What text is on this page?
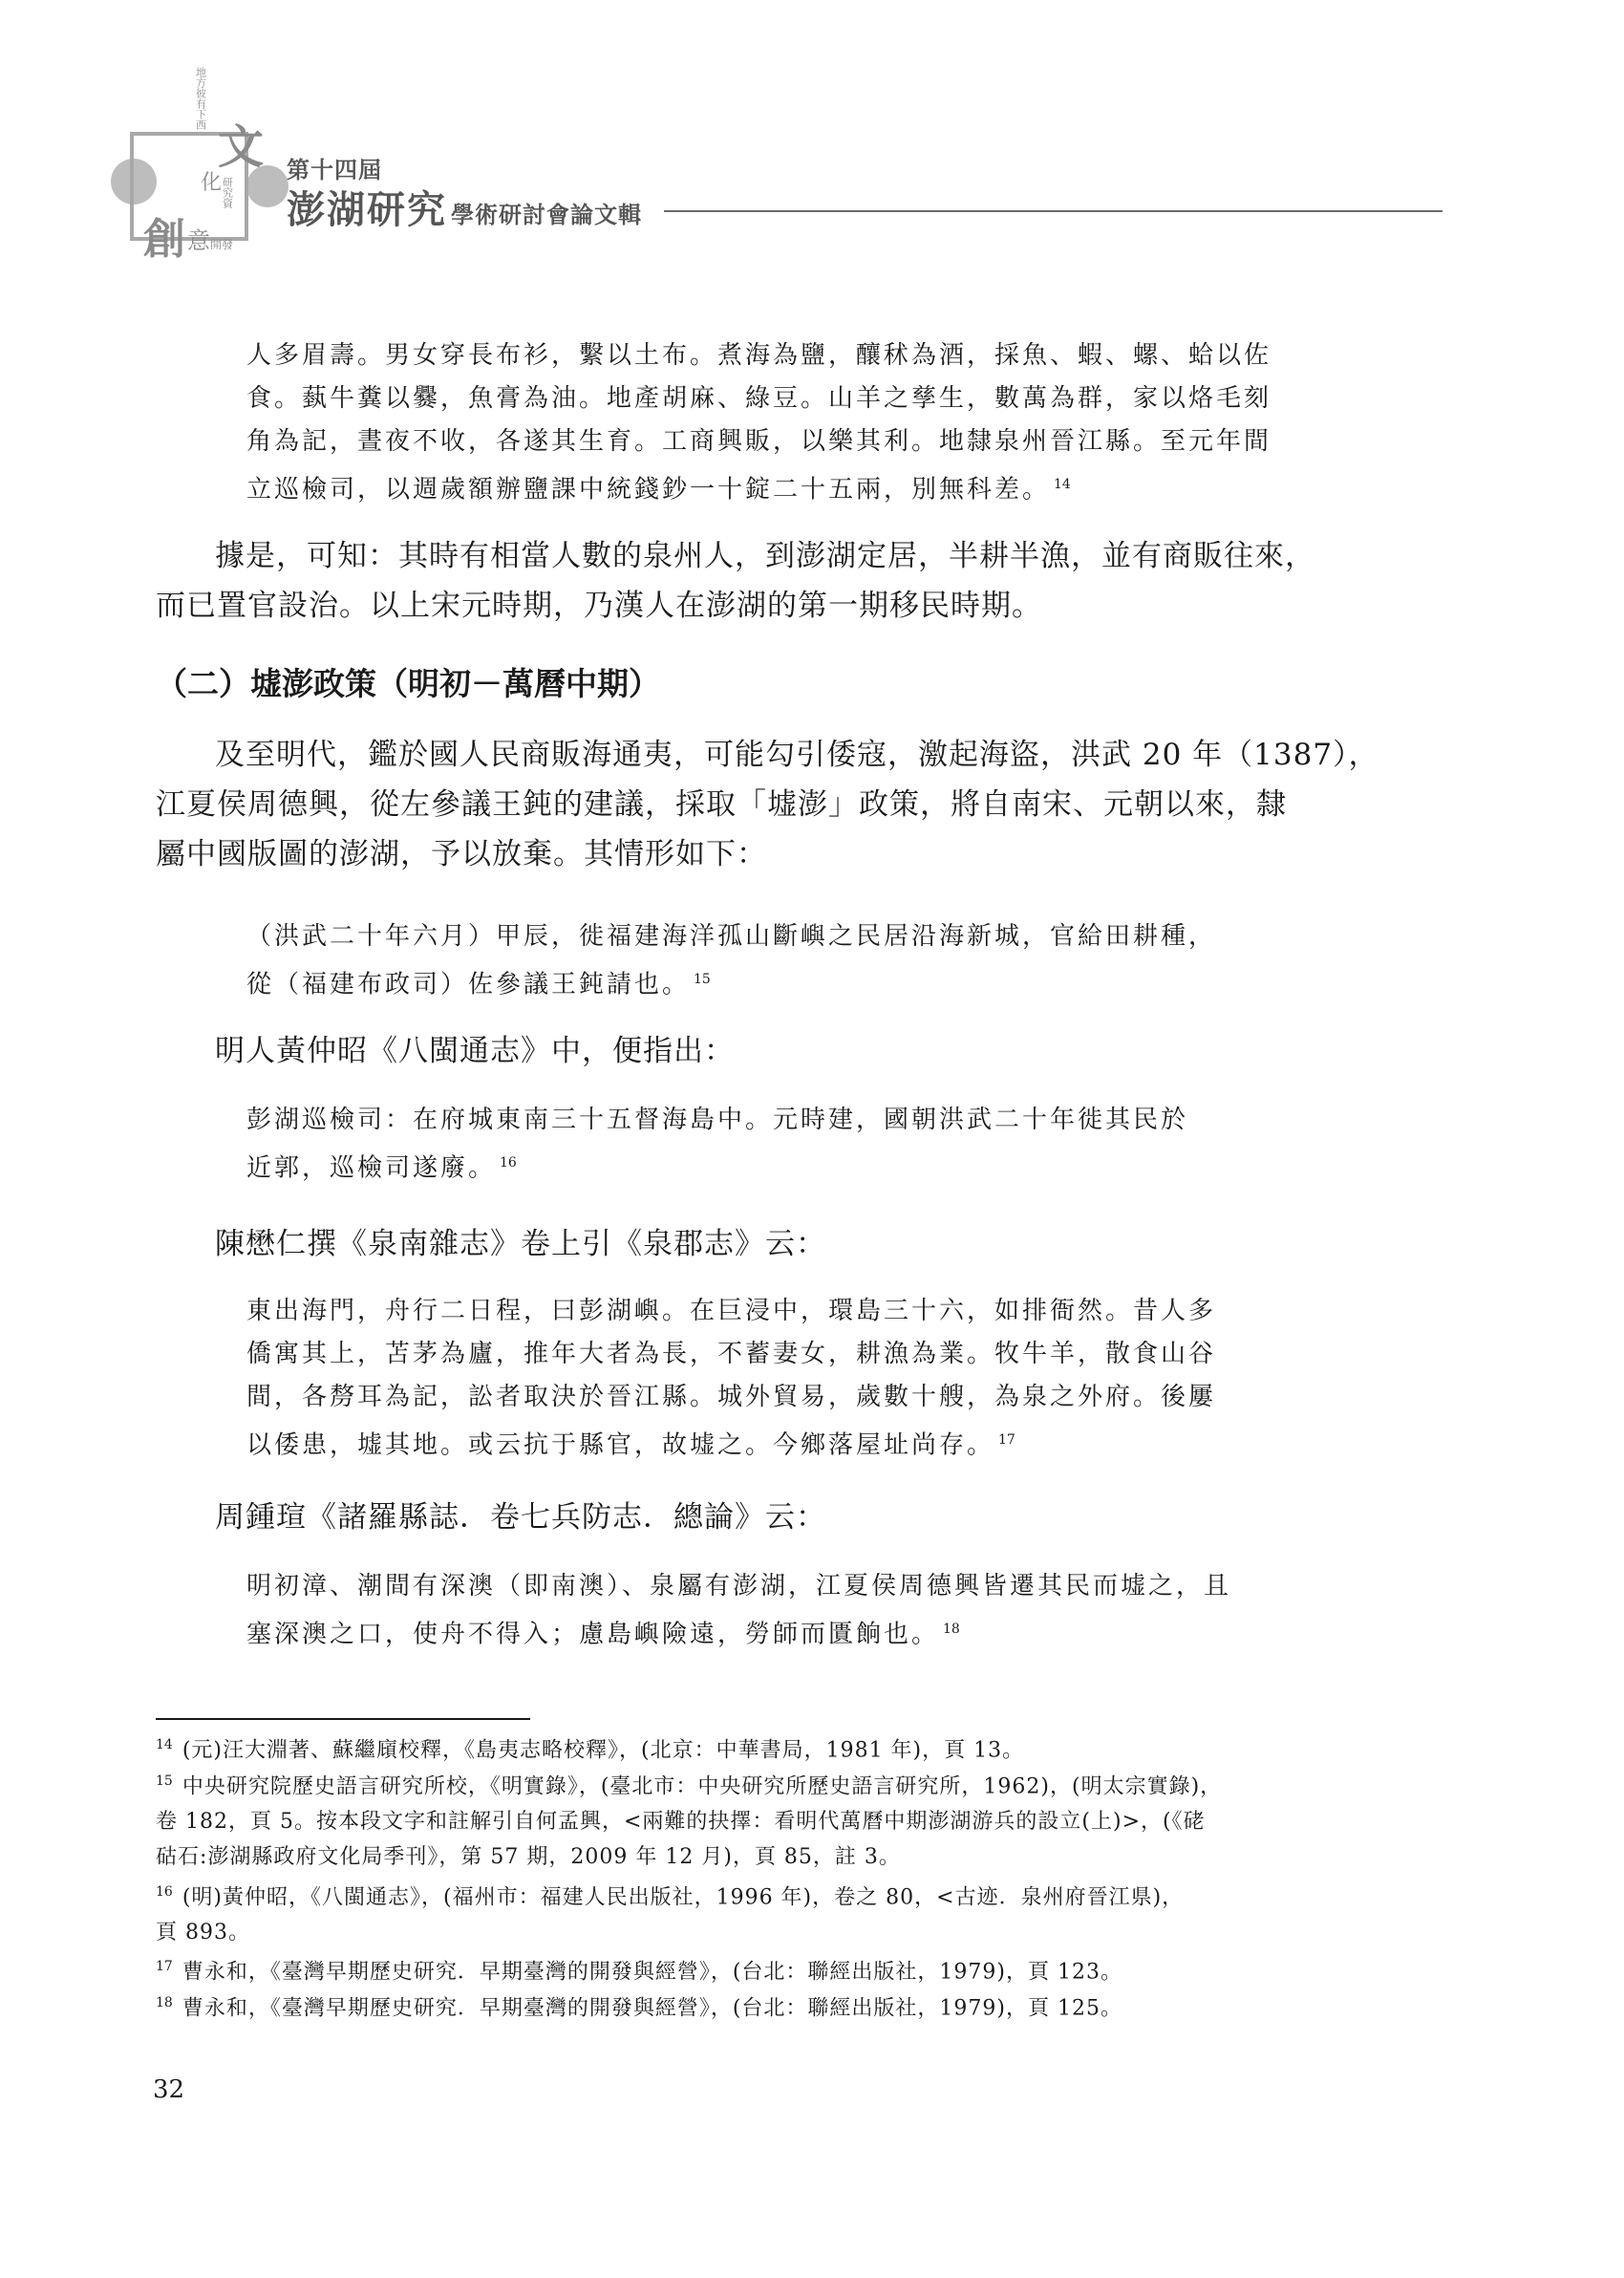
地方彼有下西
文
化 研究資
創 意 開發
第十四屆
澎湖研究 學術研討會論文輯
人多眉壽。男女穿長布衫，繫以土布。煮海為鹽，釀秫為酒，採魚、蝦、螺、蛤以佐
食。蓺牛糞以爨，魚膏為油。地產胡麻、綠豆。山羊之孳生，數萬為群，家以烙毛刻
角為記，晝夜不收，各遂其生育。工商興販，以樂其利。地隸泉州晉江縣。至元年間
立巡檢司，以週歲額辦鹽課中統錢鈔一十錠二十五兩，別無科差。 $^{14}$
據是，可知：其時有相當人數的泉州人，到澎湖定居，半耕半漁，並有商販往來，
而已置官設治。以上宋元時期，乃漢人在澎湖的第一期移民時期。
（二）墟澎政策（明初－萬曆中期）
及至明代，鑑於國人民商販海通夷，可能勾引倭寇，激起海盜，洪武 20 年（1387），
江夏侯周德興，從左參議王鈍的建議，採取「墟澎」政策，將自南宋、元朝以來，隸
屬中國版圖的澎湖，予以放棄。其情形如下：
（洪武二十年六月）甲辰，徙福建海洋孤山斷嶼之民居沿海新城，官給田耕種，
從（福建布政司）佐參議王鈍請也。 $^{15}$
明人黃仲昭《八閩通志》中，便指出：
彭湖巡檢司：在府城東南三十五督海島中。元時建，國朝洪武二十年徙其民於
近郭，巡檢司遂廢。 $^{16}$
陳懋仁撰《泉南雜志》卷上引《泉郡志》云：
東出海門，舟行二日程，曰彭湖嶼。在巨浸中，環島三十六，如排衙然。昔人多
僑寓其上，苫茅為廬，推年大者為長，不蓄妻女，耕漁為業。牧牛羊，散食山谷
間，各剺耳為記，訟者取決於晉江縣。城外貿易，歲數十艘，為泉之外府。後屢
以倭患，墟其地。或云抗于縣官，故墟之。今鄉落屋址尚存。 $^{17}$
周鍾瑄《諸羅縣誌．卷七兵防志．總論》云：
明初漳、潮間有深澳（即南澳）、泉屬有澎湖，江夏侯周德興皆遷其民而墟之，且
塞深澳之口，使舟不得入；慮島嶼險遠，勞師而匱餉也。 $^{18}$
$^{14}$ (元)汪大淵著、蘇繼廎校釋，《島夷志略校釋》，(北京：中華書局，1981 年)，頁 13。
$^{15}$ 中央研究院歷史語言研究所校，《明實錄》，(臺北市：中央研究所歷史語言研究所，1962)，(明太宗實錄)，
卷 182，頁 5。按本段文字和註解引自何孟興，<兩難的抉擇：看明代萬曆中期澎湖游兵的設立(上)>，(《硓
𥑮石:澎湖縣政府文化局季刊》，第 57 期，2009 年 12 月)，頁 85，註 3。
$^{16}$ (明)黃仲昭，《八閩通志》，(福州市：福建人民出版社，1996 年)，卷之 80，<古迹．泉州府晉江県)，
頁 893。
$^{17}$ 曹永和，《臺灣早期歷史研究．早期臺灣的開發與經營》，(台北：聯經出版社，1979)，頁 123。
$^{18}$ 曹永和，《臺灣早期歷史研究．早期臺灣的開發與經營》，(台北：聯經出版社，1979)，頁 125。
32
